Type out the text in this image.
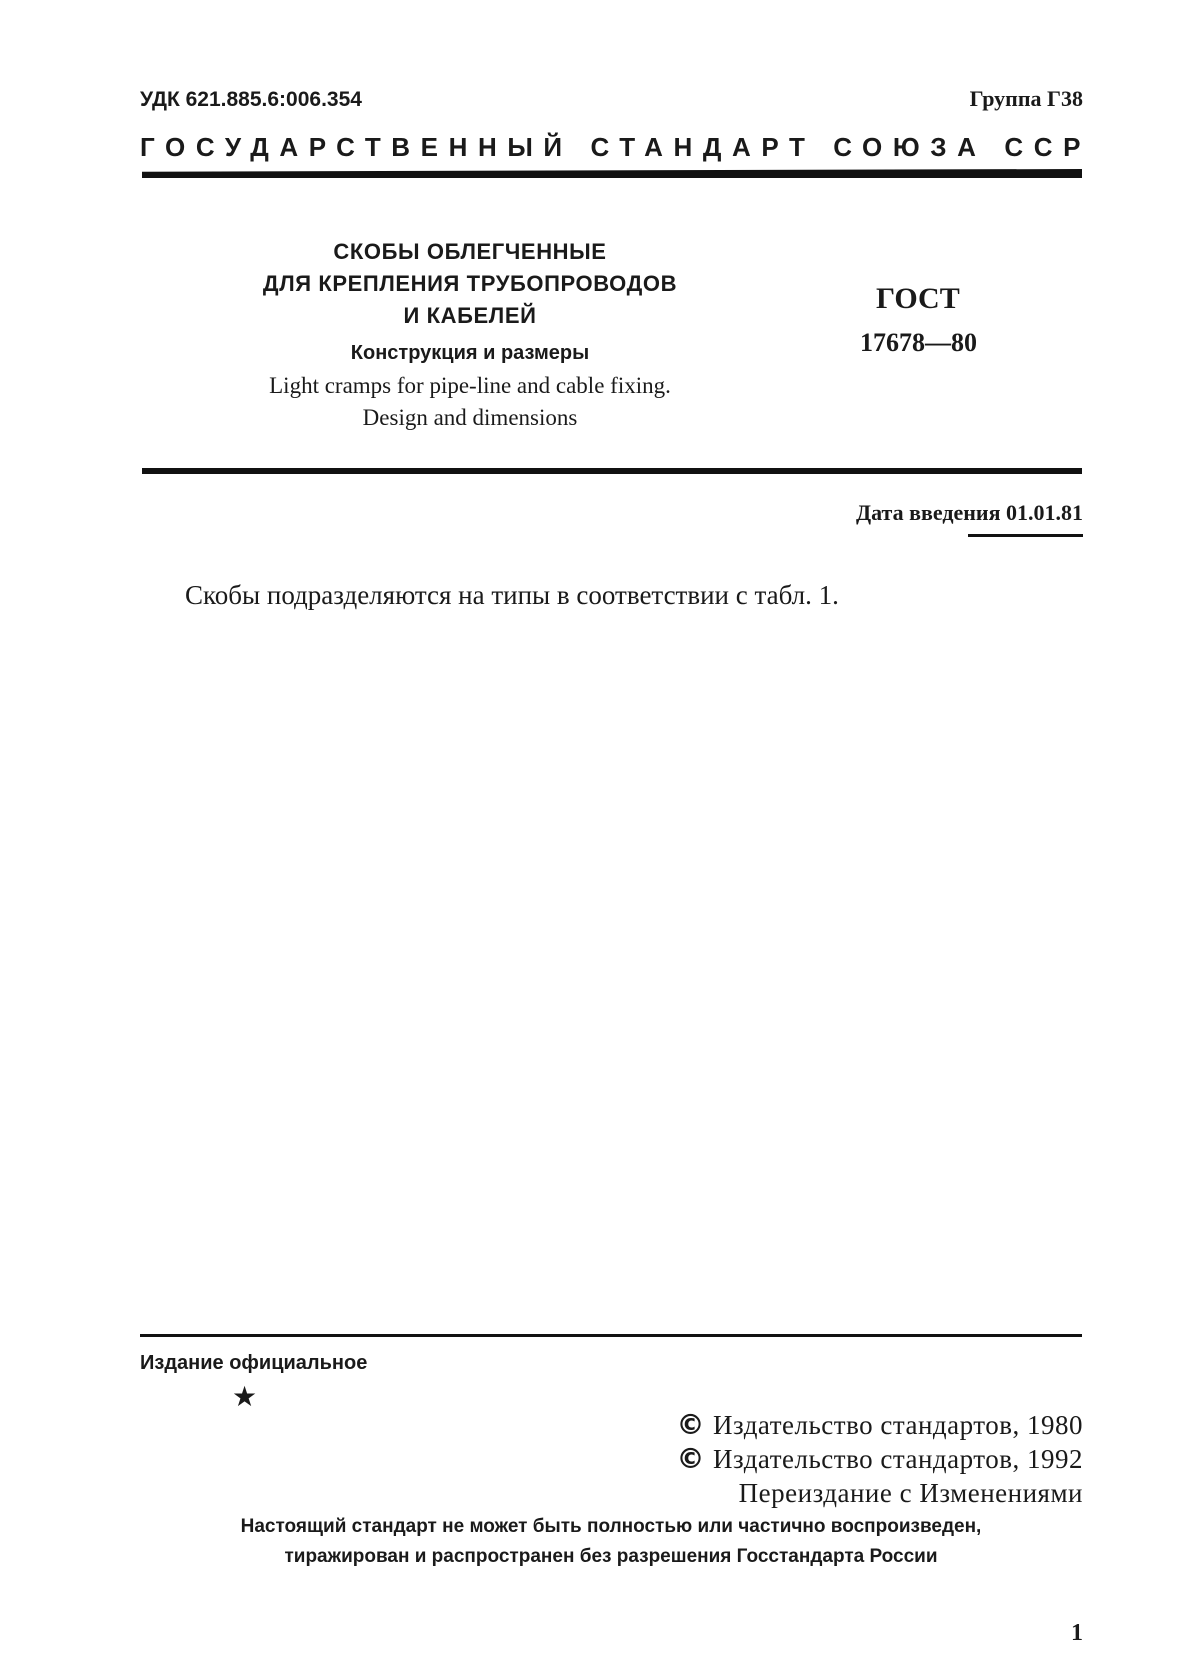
УДК 621.885.6:006.354	Группа Г38
ГОСУДАРСТВЕННЫЙ СТАНДАРТ СОЮЗА ССР
СКОБЫ ОБЛЕГЧЕННЫЕ
ДЛЯ КРЕПЛЕНИЯ ТРУБОПРОВОДОВ
И КАБЕЛЕЙ
Конструкция и размеры
Light cramps for pipe-line and cable fixing.
Design and dimensions
ГОСТ
17678—80
Дата введения 01.01.81
Скобы подразделяются на типы в соответствии с табл. 1.
Издание официальное
★
© Издательство стандартов, 1980
© Издательство стандартов, 1992
Переиздание с Изменениями
Настоящий стандарт не может быть полностью или частично воспроизведен,
тиражирован и распространен без разрешения Госстандарта России
1
